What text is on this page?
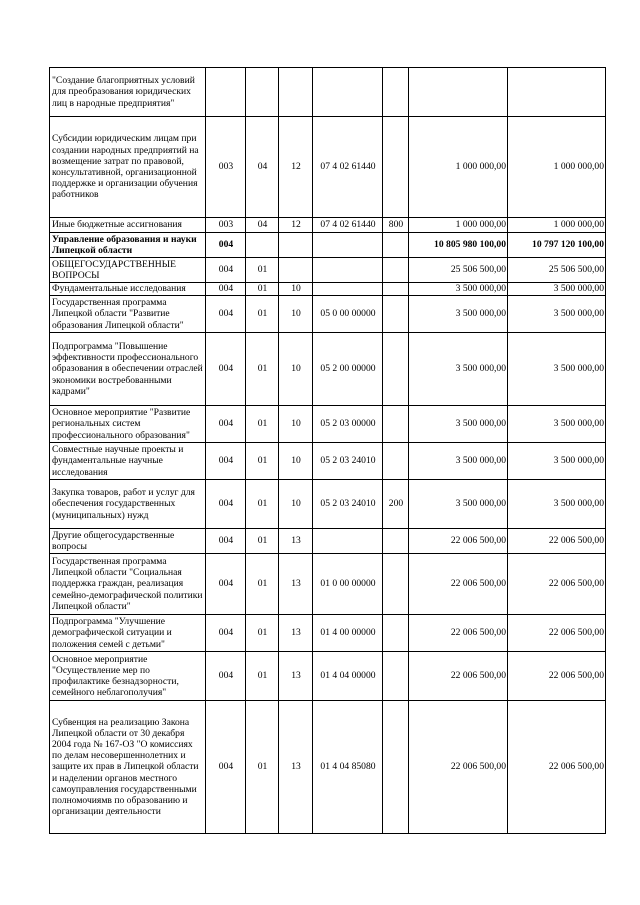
"Создание благоприятных условий для преобразования юридических лиц в народные предприятия"							
Субсидии юридическим лицам при создании народных предприятий на возмещение затрат по правовой, консультативной, организационной поддержке и организации обучения работников	003	04	12	07 4 02 61440		1 000 000,00	1 000 000,00
Иные бюджетные ассигнования	003	04	12	07 4 02 61440	800	1 000 000,00	1 000 000,00
Управление образования и науки Липецкой области	004					10 805 980 100,00	10 797 120 100,00
ОБЩЕГОСУДАРСТВЕННЫЕ ВОПРОСЫ	004	01				25 506 500,00	25 506 500,00
Фундаментальные исследования	004	01	10			3 500 000,00	3 500 000,00
Государственная программа Липецкой области "Развитие образования Липецкой области"	004	01	10	05 0 00 00000		3 500 000,00	3 500 000,00
Подпрограмма "Повышение эффективности профессионального образования в обеспечении отраслей экономики востребованными кадрами"	004	01	10	05 2 00 00000		3 500 000,00	3 500 000,00
Основное мероприятие "Развитие региональных систем профессионального образования"	004	01	10	05 2 03 00000		3 500 000,00	3 500 000,00
Совместные научные проекты и фундаментальные научные исследования	004	01	10	05 2 03 24010		3 500 000,00	3 500 000,00
Закупка товаров, работ и услуг для обеспечения государственных (муниципальных) нужд	004	01	10	05 2 03 24010	200	3 500 000,00	3 500 000,00
Другие общегосударственные вопросы	004	01	13			22 006 500,00	22 006 500,00
Государственная программа Липецкой области "Социальная поддержка граждан, реализация семейно-демографической политики Липецкой области"	004	01	13	01 0 00 00000		22 006 500,00	22 006 500,00
Подпрограмма "Улучшение демографической ситуации и положения семей с детьми"	004	01	13	01 4 00 00000		22 006 500,00	22 006 500,00
Основное мероприятие "Осуществление мер по профилактике безнадзорности, семейного неблагополучия"	004	01	13	01 4 04 00000		22 006 500,00	22 006 500,00
Субвенция на реализацию Закона Липецкой области от 30 декабря 2004 года № 167-ОЗ "О комиссиях по делам несовершеннолетних и защите их прав в Липецкой области и наделении органов местного самоуправления государственными полномочиямв по образованию и организации деятельности	004	01	13	01 4 04 85080		22 006 500,00	22 006 500,00
